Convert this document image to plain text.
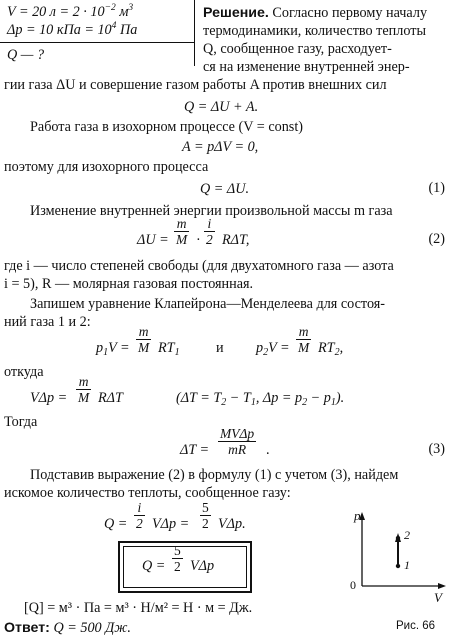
V = 20 $л = 2 \cdot 10^{-2}$ $м^3$
Δp = 10 кПа = $10^4$ Па
Q — ?
Решение. Согласно первому началу
термодинамики, количество теплоты
Q, сообщенное газу, расходует-
ся на изменение внутренней энер-
гии газа ΔU и совершение газом работы A против внешних сил
Q = ΔU + A.
Работа газа в изохорном процессе (V = const)
A = pΔV = 0,
поэтому для изохорного процесса
Q = ΔU.	(1)
Изменение внутренней энергии произвольной массы m газа
$\Delta U = \frac{m}{M} \cdot \frac{i}{2} R\Delta T$,	(2)
где i — число степеней свободы (для двухатомного газа — азота
i = 5), R — молярная газовая постоянная.
Запишем уравнение Клапейрона—Менделеева для состоя-
ний газа 1 и 2:
$p_1V = \frac{m}{M} RT_1$	и $p_2V = \frac{m}{M} RT_2$,
откуда
$V\Delta p = \frac{m}{M}$ RΔT	($\Delta T = T_2 - T_1$, $\Delta p = p_2 - p_1$).
Тогда
ΔT =
MVΔp
mR	.	(3)
Подставив выражение (2) в формулу (1) с учетом (3), найдем
искомое количество теплоты, сообщенное газу:
$Q = \frac{i}{2}$ $V\Delta p = \frac{5}{2} V\Delta p$.
$Q = \frac{5}{2}$ VΔp
[Q] = м³ · Па = м³ · Н/м² = Н · м = Дж.
Ответ: Q = 500 Дж.
p
V
0
1
2
Рис. 66
